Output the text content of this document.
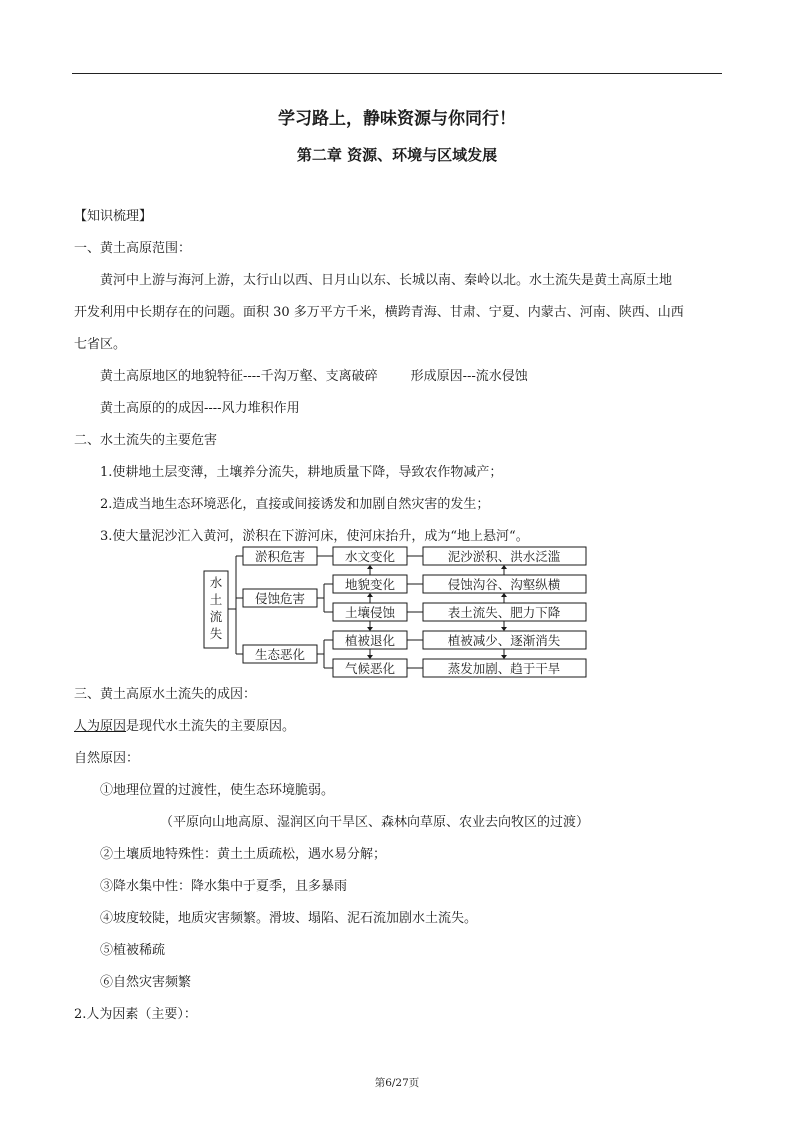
学习路上，静味资源与你同行！
第二章 资源、环境与区域发展
【知识梳理】
一、黄土高原范围：
黄河中上游与海河上游，太行山以西、日月山以东、长城以南、秦岭以北。水土流失是黄土高原土地
开发利用中长期存在的问题。面积 30 多万平方千米，横跨青海、甘肃、宁夏、内蒙古、河南、陕西、山西
七省区。
黄土高原地区的地貌特征----千沟万壑、支离破碎        形成原因---流水侵蚀
黄土高原的的成因----风力堆积作用
二、水土流失的主要危害
1.使耕地土层变薄，土壤养分流失，耕地质量下降，导致农作物减产；
2.造成当地生态环境恶化，直接或间接诱发和加剧自然灾害的发生；
3.使大量泥沙汇入黄河，淤积在下游河床，使河床抬升，成为“地上悬河“。
水
土
流
失
淤积危害
侵蚀危害
生态恶化
水文变化
地貌变化
土壤侵蚀
植被退化
气候恶化
泥沙淤积、洪水泛滥
侵蚀沟谷、沟壑纵横
表土流失、肥力下降
植被减少、逐渐消失
蒸发加剧、趋于干旱
三、黄土高原水土流失的成因：
人为原因是现代水土流失的主要原因。
自然原因：
①地理位置的过渡性，使生态环境脆弱。
（平原向山地高原、湿润区向干旱区、森林向草原、农业去向牧区的过渡）
②土壤质地特殊性：黄土土质疏松，遇水易分解；
③降水集中性：降水集中于夏季，且多暴雨
④坡度较陡，地质灾害频繁。滑坡、塌陷、泥石流加剧水土流失。
⑤植被稀疏
⑥自然灾害频繁
2.人为因素（主要）：
第6/27页
